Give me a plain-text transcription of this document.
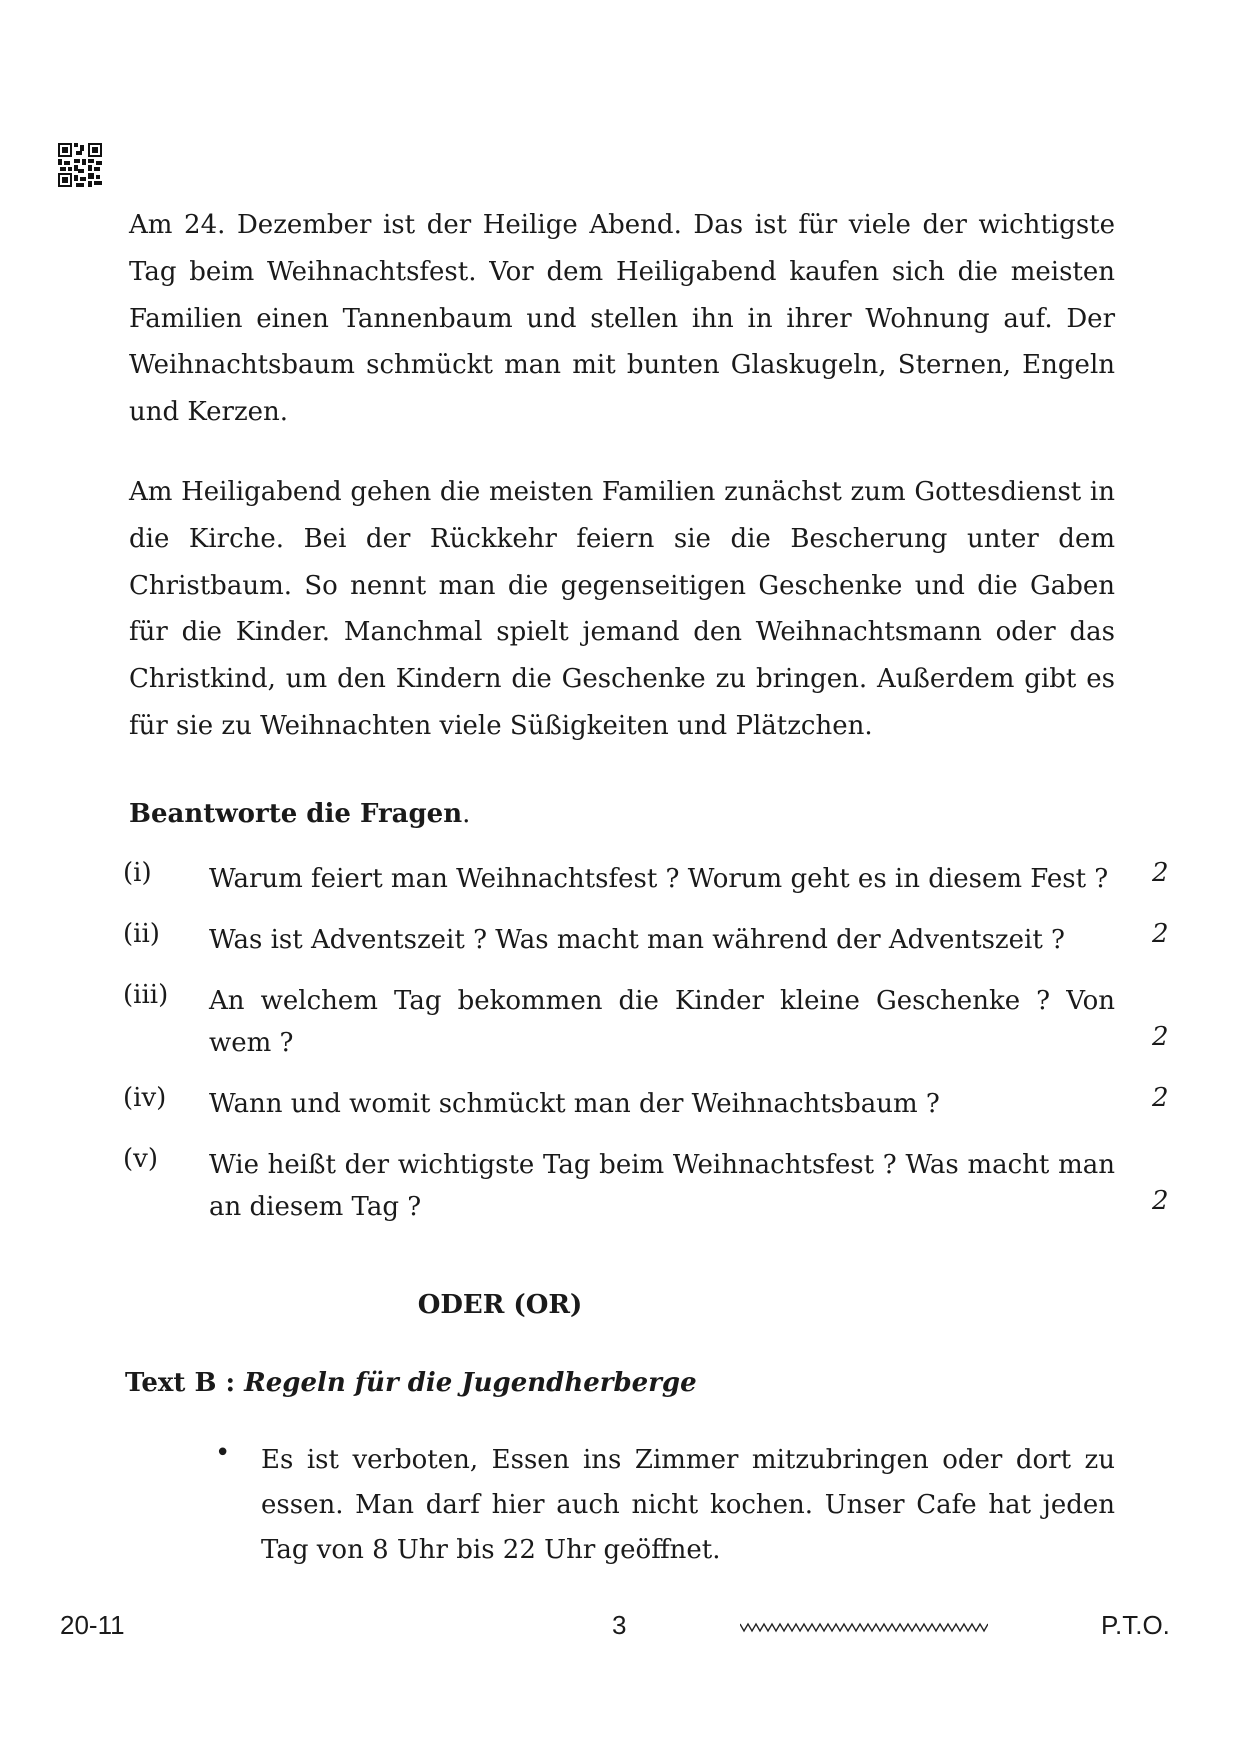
Am 24. Dezember ist der Heilige Abend. Das ist für viele der wichtigste Tag beim Weihnachtsfest. Vor dem Heiligabend kaufen sich die meisten Familien einen Tannenbaum und stellen ihn in ihrer Wohnung auf. Der Weihnachtsbaum schmückt man mit bunten Glaskugeln, Sternen, Engeln und Kerzen.

Am Heiligabend gehen die meisten Familien zunächst zum Gottesdienst in die Kirche. Bei der Rückkehr feiern sie die Bescherung unter dem Christbaum. So nennt man die gegenseitigen Geschenke und die Gaben für die Kinder. Manchmal spielt jemand den Weihnachtsmann oder das Christkind, um den Kindern die Geschenke zu bringen. Außerdem gibt es für sie zu Weihnachten viele Süßigkeiten und Plätzchen.

Beantworte die Fragen.

(i) Warum feiert man Weihnachtsfest ? Worum geht es in diesem Fest ? 2
(ii) Was ist Adventszeit ? Was macht man während der Adventszeit ?	2
(iii) An welchem Tag bekommen die Kinder kleine Geschenke ? Von wem ?	2
(iv) Wann und womit schmückt man der Weihnachtsbaum ?	2
(v) Wie heißt der wichtigste Tag beim Weihnachtsfest ? Was macht man an diesem Tag ?	2
ODER (OR)
Text B : Regeln für die Jugendherberge
• Es ist verboten, Essen ins Zimmer mitzubringen oder dort zu essen. Man darf hier auch nicht kochen. Unser Cafe hat jeden Tag von 8 Uhr bis 22 Uhr geöffnet.

20-11	3	P.T.O.
